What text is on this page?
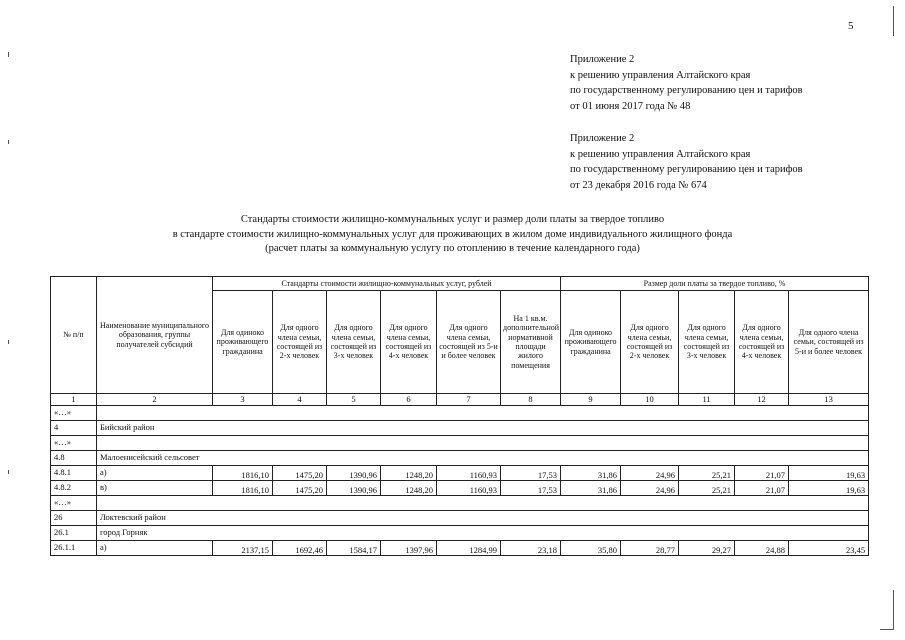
5
Приложение 2
к решению управления Алтайского края
по государственному регулированию цен и тарифов
от 01 июня 2017 года № 48
Приложение 2
к решению управления Алтайского края
по государственному регулированию цен и тарифов
от 23 декабря 2016 года № 674
Стандарты стоимости жилищно-коммунальных услуг и размер доли платы за твердое топливо
в стандарте стоимости жилищно-коммунальных услуг для проживающих в жилом доме индивидуального жилищного фонда
(расчет платы за коммунальную услугу по отоплению в течение календарного года)
№ п/п	Наименование муниципального образования, группы получателей субсидий	Стандарты стоимости жилищно-коммунальных услуг, рублей						Размер доли платы за твердое топливо, %				
		Для одиноко проживающего гражданина	Для одного члена семьи, состоящей из 2-х человек	Для одного члена семьи, состоящей из 3-х человек	Для одного члена семьи, состоящей из 4-х человек	Для одного члена семьи, состоящей из 5-и и более человек	На 1 кв.м. дополнительной нормативной площади жилого помещения	Для одиноко проживающего гражданина	Для одного члена семьи, состоящей из 2-х человек	Для одного члена семьи, состоящей из 3-х человек	Для одного члена семьи, состоящей из 4-х человек	Для одного члена семьи, состоящей из 5-и и более человек
1	2	3	4	5	6	7	8	9	10	11	12	13
«…»												
4	Бийский район											
«…»												
4.8	Малоенисейский сельсовет											
4.8.1	а)	1816,10	1475,20	1390,96	1248,20	1160,93	17,53	31,86	24,96	25,21	21,07	19,63
4.8.2	в)	1816,10	1475,20	1390,96	1248,20	1160,93	17,53	31,86	24,96	25,21	21,07	19,63
«…»												
26	Локтевский район											
26.1	город Горняк											
26.1.1	а)	2137,15	1692,46	1584,17	1397,96	1284,99	23,18	35,80	28,77	29,27	24,88	23,45
